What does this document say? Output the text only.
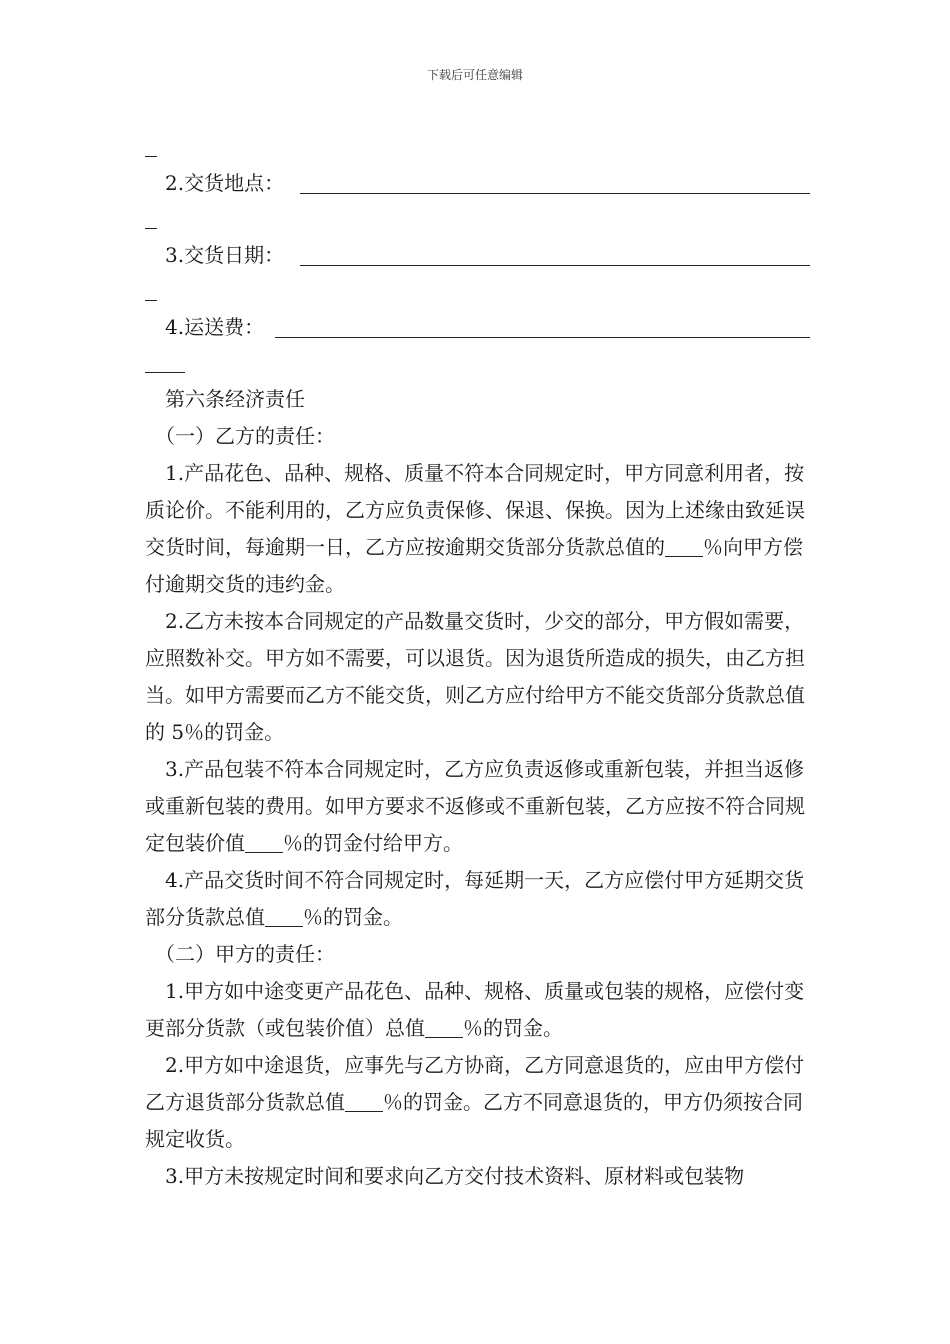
下载后可任意编辑
2.交货地点：
3.交货日期：
4.运送费：

第六条经济责任

（一）乙方的责任：

1.产品花色、品种、规格、质量不符本合同规定时，甲方同意利用者，按质论价。不能利用的，乙方应负责保修、保退、保换。因为上述缘由致延误交货时间，每逾期一日，乙方应按逾期交货部分货款总值的 ％向甲方偿付逾期交货的违约金。

2.乙方未按本合同规定的产品数量交货时，少交的部分，甲方假如需要，应照数补交。甲方如不需要，可以退货。因为退货所造成的损失，由乙方担当。如甲方需要而乙方不能交货，则乙方应付给甲方不能交货部分货款总值的 5％的罚金。

3.产品包装不符本合同规定时，乙方应负责返修或重新包装，并担当返修或重新包装的费用。如甲方要求不返修或不重新包装，乙方应按不符合同规定包装价值 ％的罚金付给甲方。

4.产品交货时间不符合同规定时，每延期一天，乙方应偿付甲方延期交货部分货款总值 ％的罚金。

（二）甲方的责任：

1.甲方如中途变更产品花色、品种、规格、质量或包装的规格，应偿付变更部分货款（或包装价值）总值 ％的罚金。

2.甲方如中途退货，应事先与乙方协商，乙方同意退货的，应由甲方偿付乙方退货部分货款总值 ％的罚金。乙方不同意退货的，甲方仍须按合同规定收货。

3.甲方未按规定时间和要求向乙方交付技术资料、原材料或包装物
